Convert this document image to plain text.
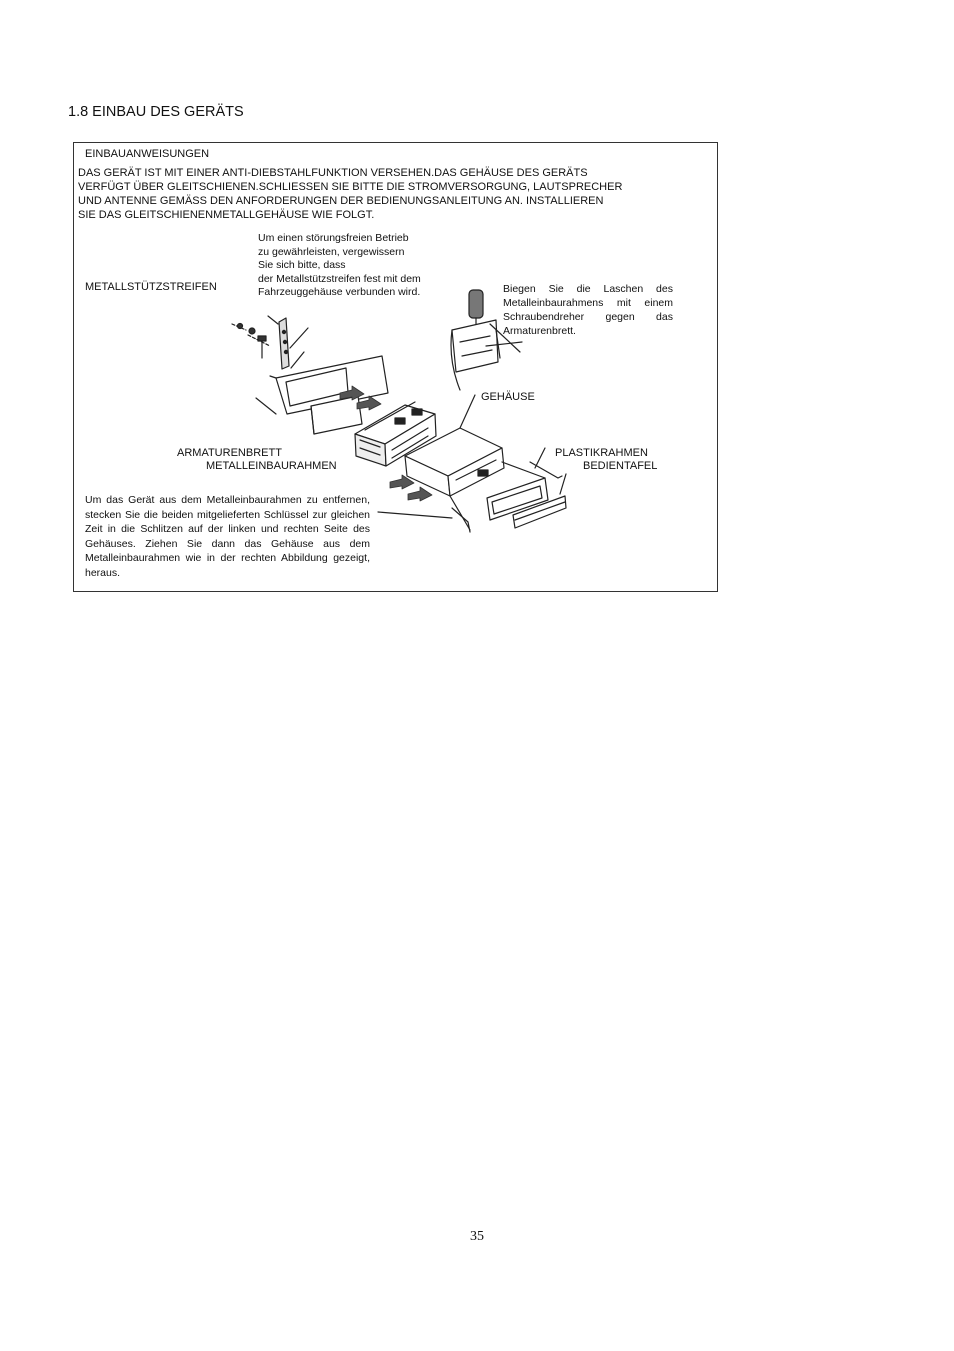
1.8 EINBAU DES GERÄTS
EINBAUANWEISUNGEN
DAS GERÄT IST MIT EINER ANTI-DIEBSTAHLFUNKTION VERSEHEN.DAS GEHÄUSE DES GERÄTS
VERFÜGT ÜBER GLEITSCHIENEN.SCHLIESSEN SIE BITTE DIE STROMVERSORGUNG, LAUTSPRECHER
UND ANTENNE GEMÄSS DEN ANFORDERUNGEN DER BEDIENUNGSANLEITUNG AN. INSTALLIEREN
SIE DAS GLEITSCHIENENMETALLGEHÄUSE WIE FOLGT.
Um einen störungsfreien Betrieb
zu gewährleisten, vergewissern
Sie sich bitte, dass
der Metallstützstreifen fest mit dem
Fahrzeuggehäuse verbunden wird.	Biegen Sie die Laschen des Metalleinbaurahmens mit einem Schraubendreher gegen das Armaturenbrett.
Um das Gerät aus dem Metalleinbaurahmen zu entfernen, stecken Sie die beiden mitgelieferten Schlüssel zur gleichen Zeit in die Schlitzen auf der linken und rechten Seite des Gehäuses. Ziehen Sie dann das Gehäuse aus dem Metalleinbaurahmen wie in der rechten Abbildung gezeigt, heraus.
METALLSTÜTZSTREIFEN
GEHÄUSE
ARMATURENBRETT
METALLEINBAURAHMEN
PLASTIKRAHMEN
BEDIENTAFEL
35
